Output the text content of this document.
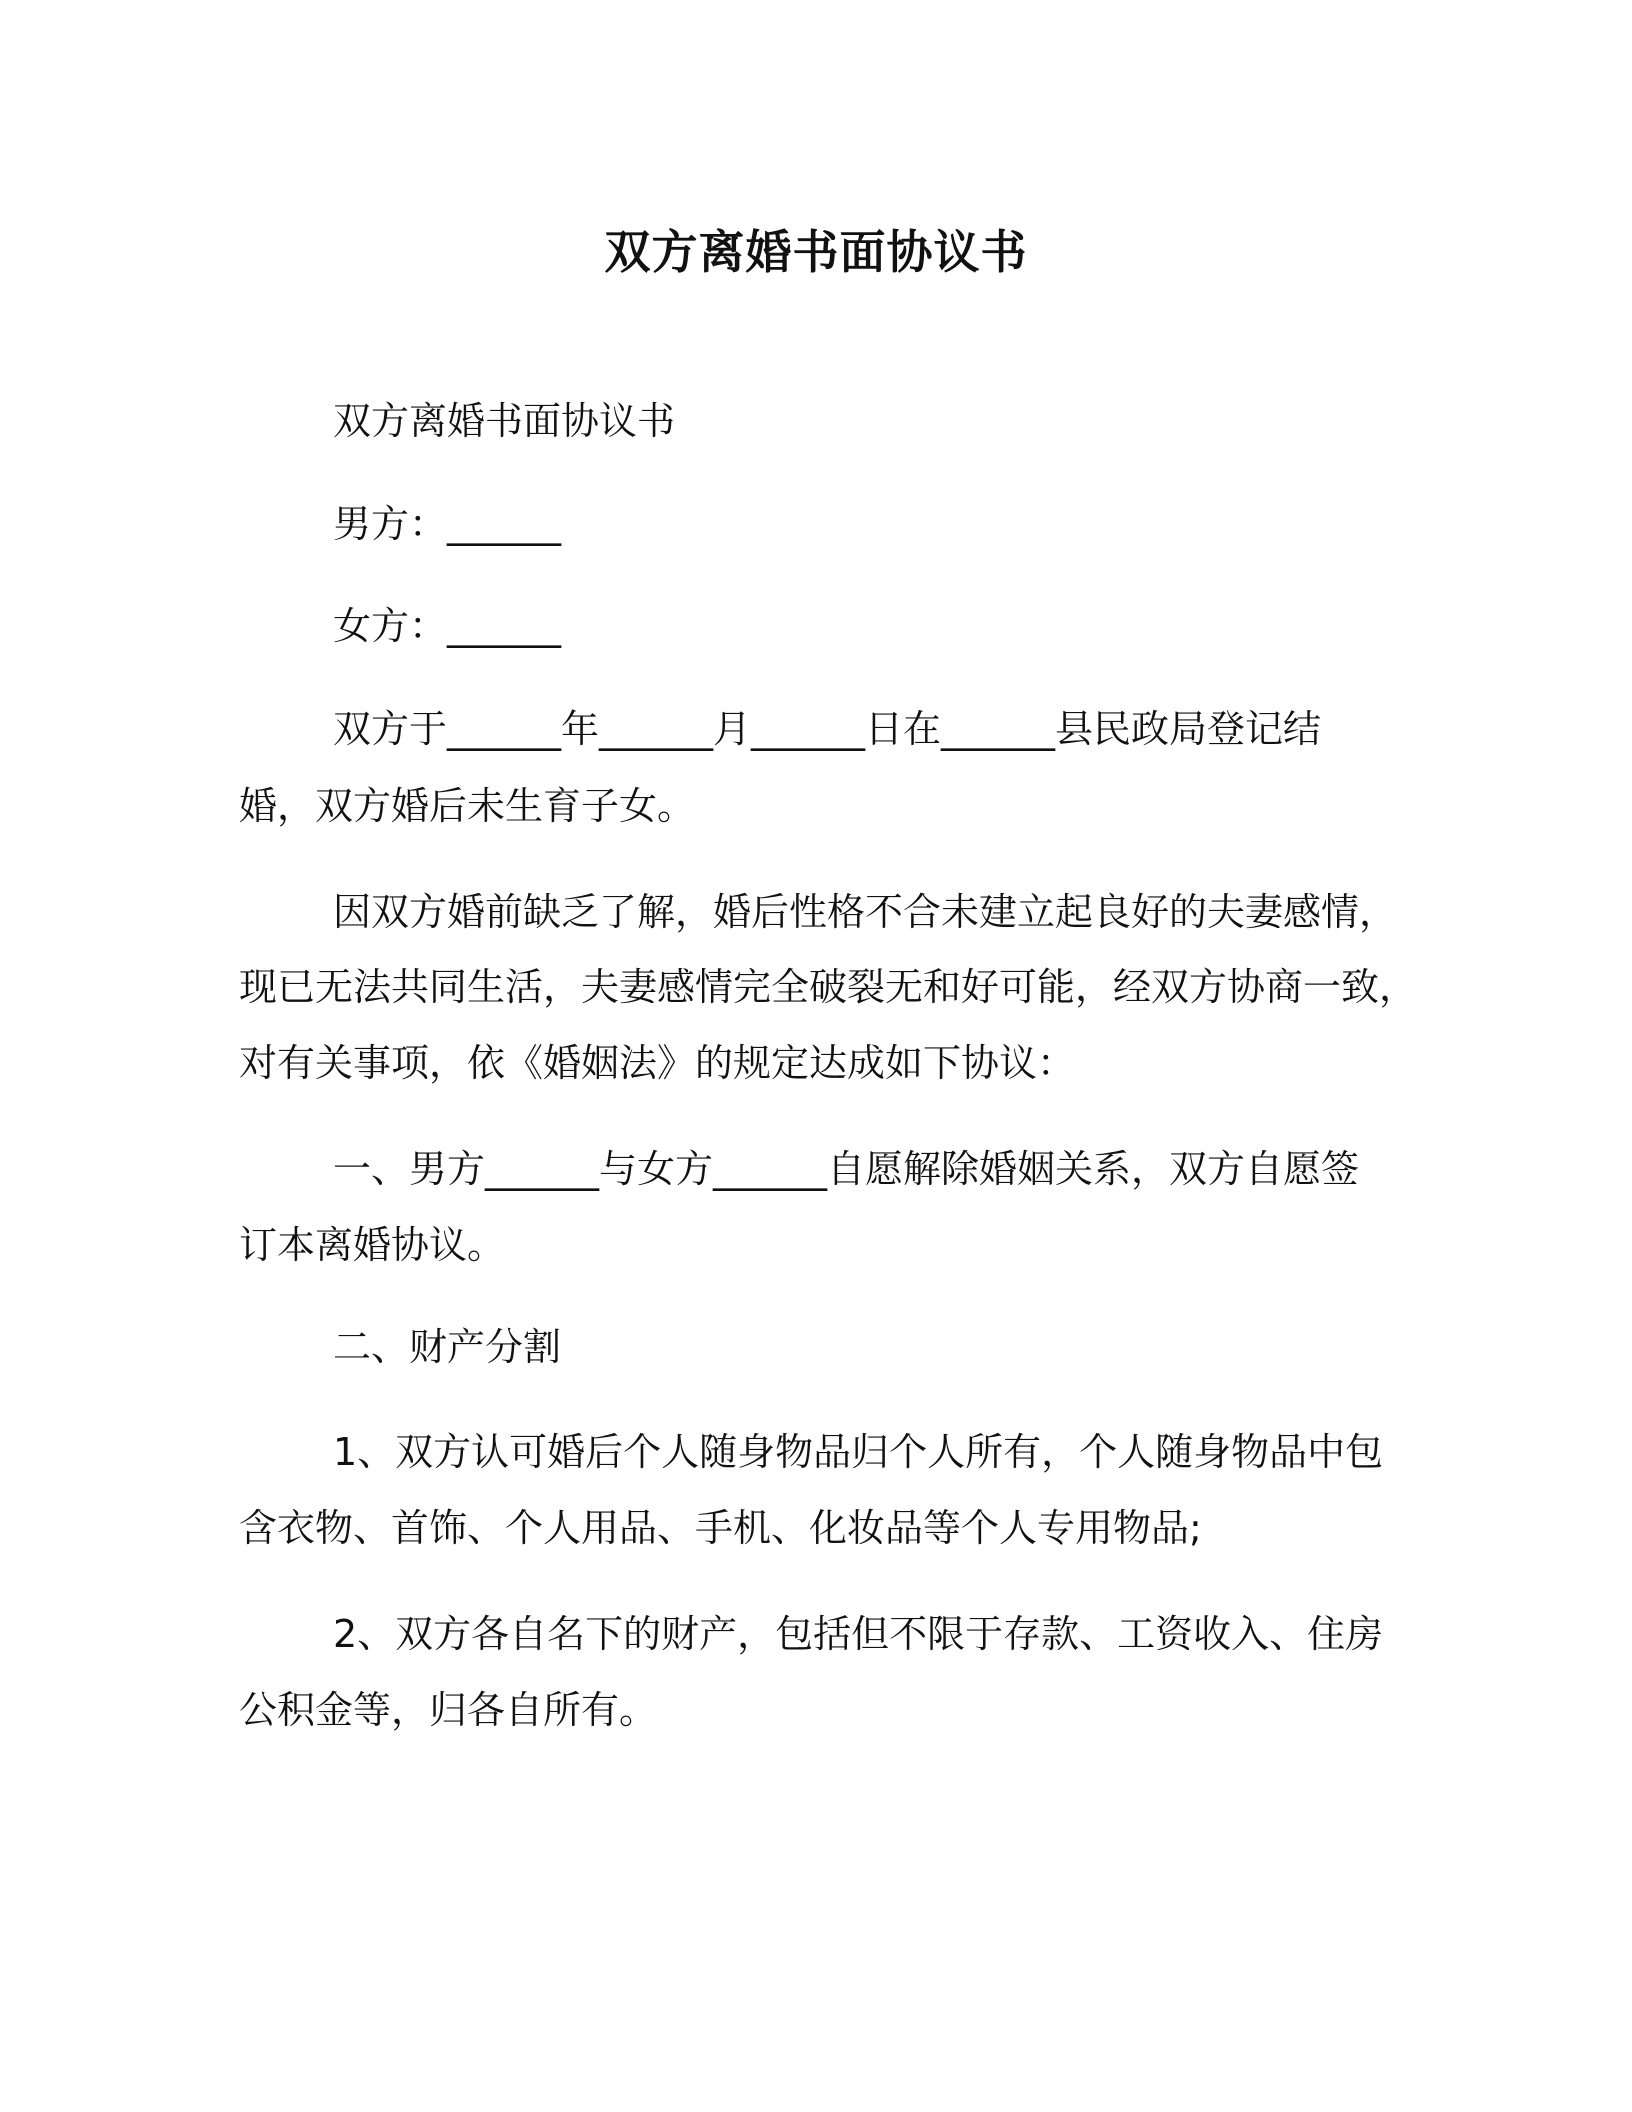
双方离婚书面协议书
双方离婚书面协议书
男方：______
女方：______
双方于______年______月______日在______县民政局登记结
婚，双方婚后未生育子女。
因双方婚前缺乏了解，婚后性格不合未建立起良好的夫妻感情，
现已无法共同生活，夫妻感情完全破裂无和好可能，经双方协商一致，
对有关事项，依《婚姻法》的规定达成如下协议：
一、男方______与女方______自愿解除婚姻关系，双方自愿签
订本离婚协议。
二、财产分割
1、双方认可婚后个人随身物品归个人所有，个人随身物品中包
含衣物、首饰、个人用品、手机、化妆品等个人专用物品;
2、双方各自名下的财产，包括但不限于存款、工资收入、住房
公积金等，归各自所有。
